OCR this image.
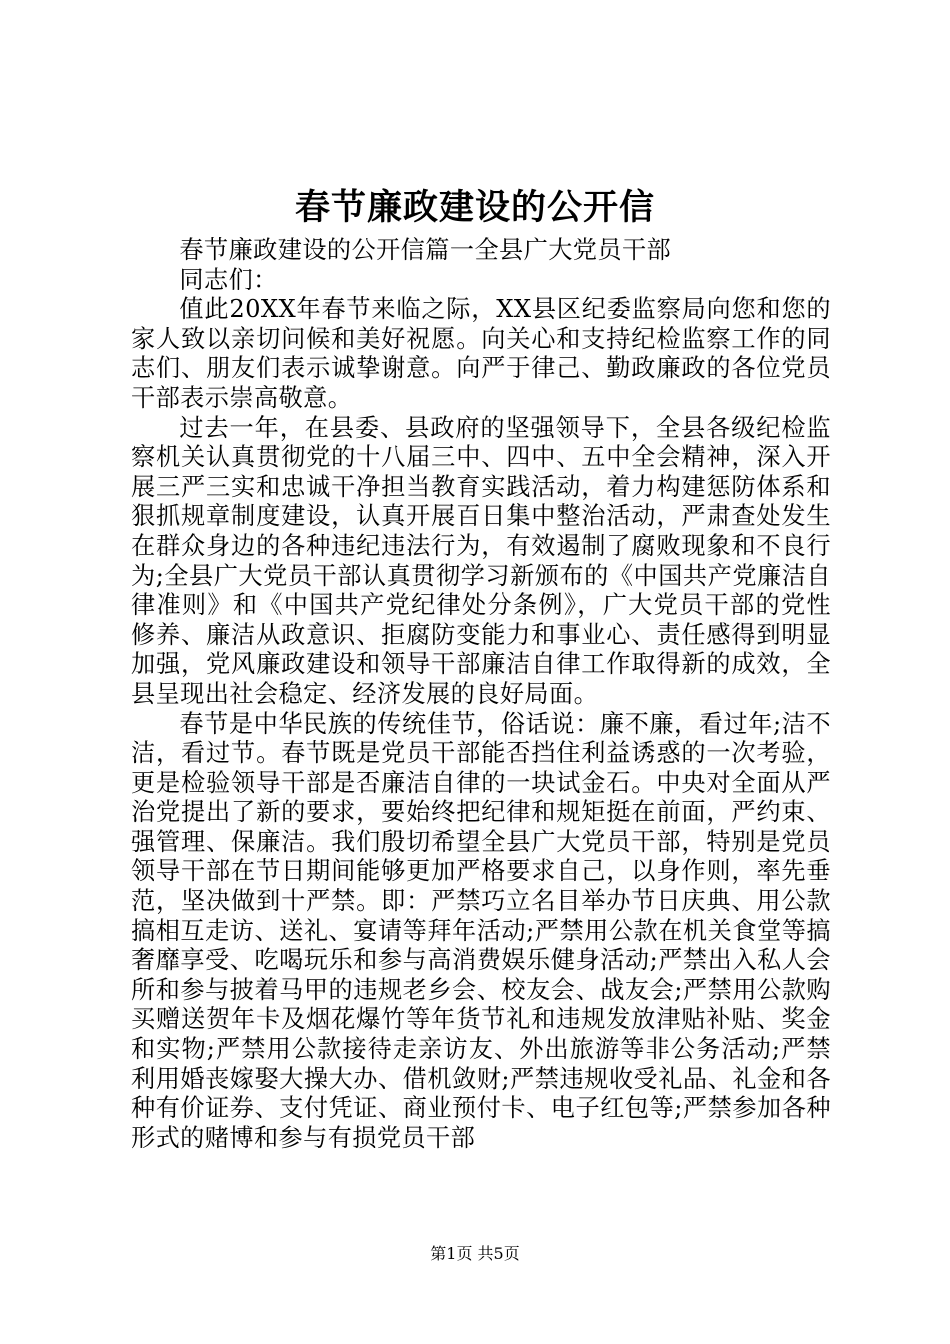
春节廉政建设的公开信

春节廉政建设的公开信篇一全县广大党员干部

同志们：

值此20XX年春节来临之际，XX县区纪委监察局向您和您的家人致以亲切问候和美好祝愿。向关心和支持纪检监察工作的同志们、朋友们表示诚挚谢意。向严于律己、勤政廉政的各位党员干部表示崇高敬意。

过去一年，在县委、县政府的坚强领导下，全县各级纪检监察机关认真贯彻党的十八届三中、四中、五中全会精神，深入开展三严三实和忠诚干净担当教育实践活动，着力构建惩防体系和狠抓规章制度建设，认真开展百日集中整治活动，严肃查处发生在群众身边的各种违纪违法行为，有效遏制了腐败现象和不良行为;全县广大党员干部认真贯彻学习新颁布的《中国共产党廉洁自律准则》和《中国共产党纪律处分条例》，广大党员干部的党性修养、廉洁从政意识、拒腐防变能力和事业心、责任感得到明显加强，党风廉政建设和领导干部廉洁自律工作取得新的成效，全县呈现出社会稳定、经济发展的良好局面。

春节是中华民族的传统佳节，俗话说：廉不廉，看过年;洁不洁，看过节。春节既是党员干部能否挡住利益诱惑的一次考验，更是检验领导干部是否廉洁自律的一块试金石。中央对全面从严治党提出了新的要求，要始终把纪律和规矩挺在前面，严约束、强管理、保廉洁。我们殷切希望全县广大党员干部，特别是党员领导干部在节日期间能够更加严格要求自己，以身作则，率先垂范，坚决做到十严禁。即：严禁巧立名目举办节日庆典、用公款搞相互走访、送礼、宴请等拜年活动;严禁用公款在机关食堂等搞奢靡享受、吃喝玩乐和参与高消费娱乐健身活动;严禁出入私人会所和参与披着马甲的违规老乡会、校友会、战友会;严禁用公款购买赠送贺年卡及烟花爆竹等年货节礼和违规发放津贴补贴、奖金和实物;严禁用公款接待走亲访友、外出旅游等非公务活动;严禁利用婚丧嫁娶大操大办、借机敛财;严禁违规收受礼品、礼金和各种有价证券、支付凭证、商业预付卡、电子红包等;严禁参加各种形式的赌博和参与有损党员干部

第1页 共5页
